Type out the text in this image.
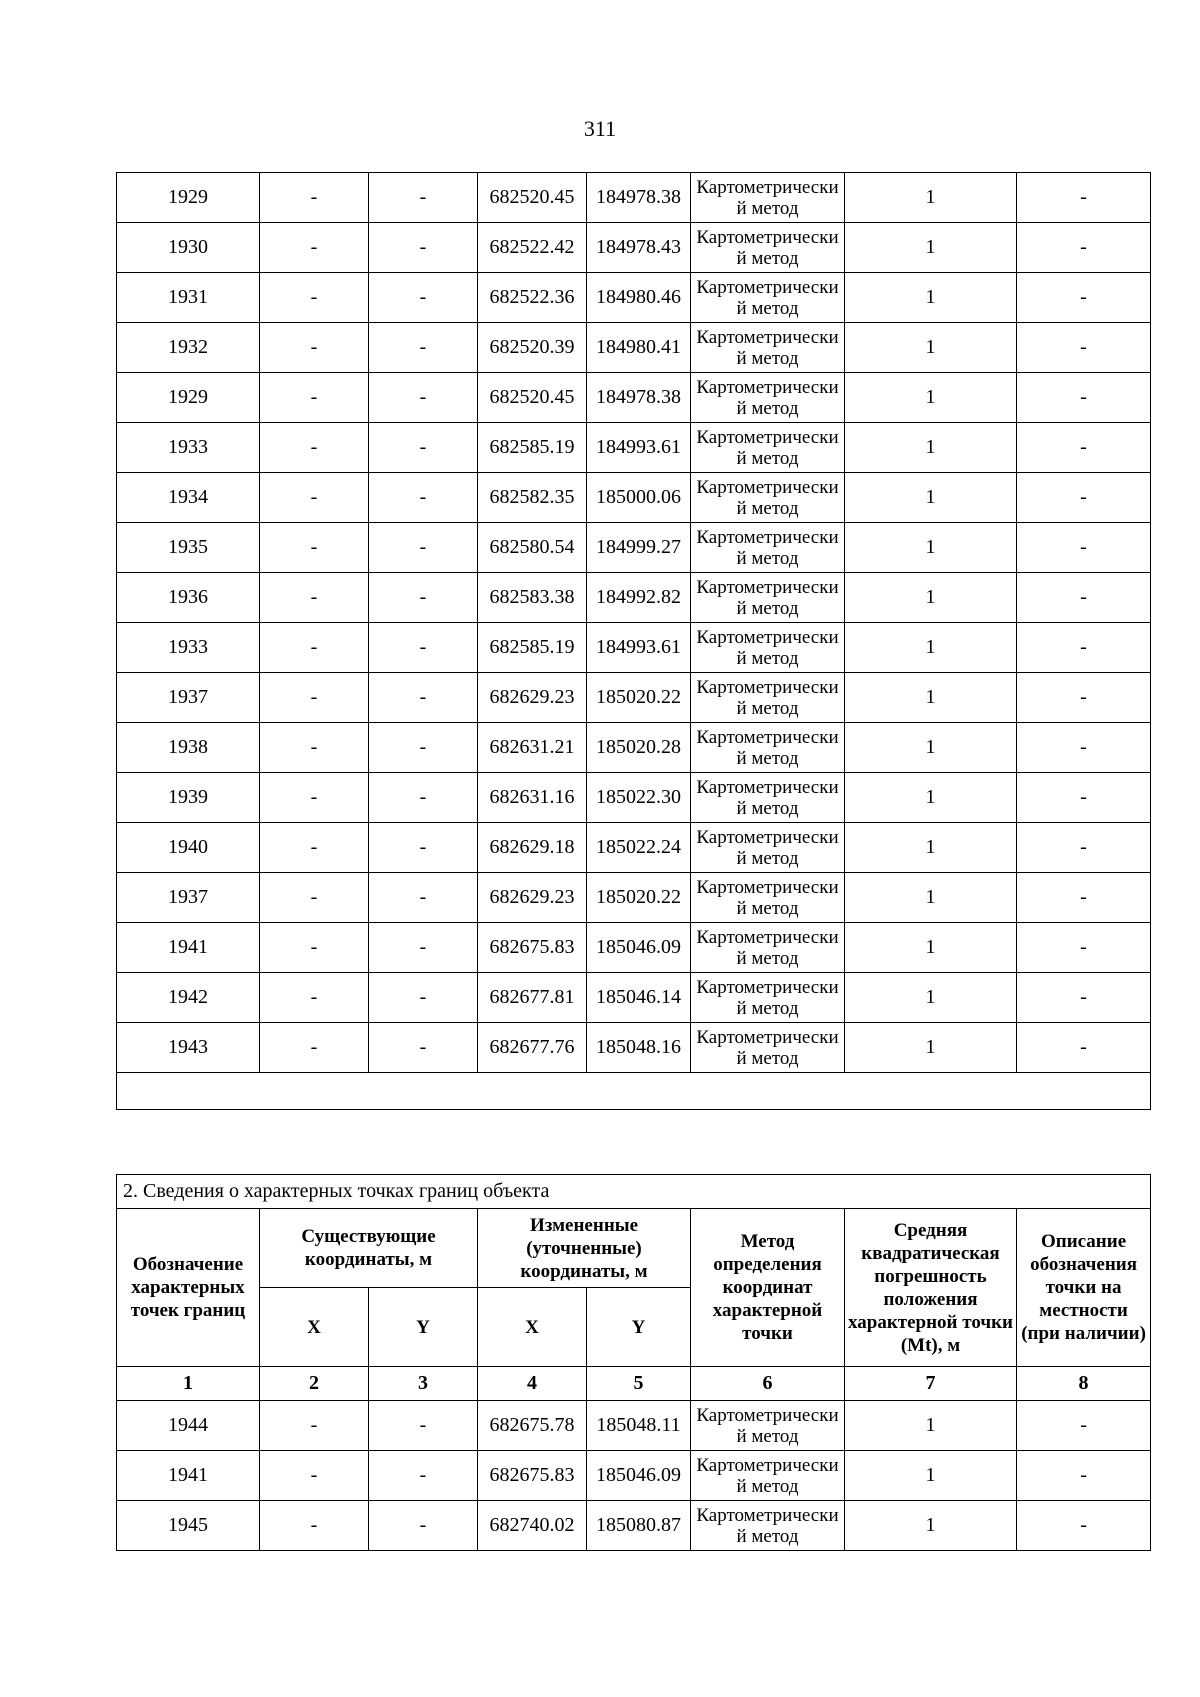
311
1929	-	-	682520.45	184978.38	Картометрический метод	1	-
1930	-	-	682522.42	184978.43	Картометрический метод	1	-
1931	-	-	682522.36	184980.46	Картометрический метод	1	-
1932	-	-	682520.39	184980.41	Картометрический метод	1	-
1929	-	-	682520.45	184978.38	Картометрический метод	1	-
1933	-	-	682585.19	184993.61	Картометрический метод	1	-
1934	-	-	682582.35	185000.06	Картометрический метод	1	-
1935	-	-	682580.54	184999.27	Картометрический метод	1	-
1936	-	-	682583.38	184992.82	Картометрический метод	1	-
1933	-	-	682585.19	184993.61	Картометрический метод	1	-
1937	-	-	682629.23	185020.22	Картометрический метод	1	-
1938	-	-	682631.21	185020.28	Картометрический метод	1	-
1939	-	-	682631.16	185022.30	Картометрический метод	1	-
1940	-	-	682629.18	185022.24	Картометрический метод	1	-
1937	-	-	682629.23	185020.22	Картометрический метод	1	-
1941	-	-	682675.83	185046.09	Картометрический метод	1	-
1942	-	-	682677.81	185046.14	Картометрический метод	1	-
1943	-	-	682677.76	185048.16	Картометрический метод	1	-

2. Сведения о характерных точках границ объекта							
Обозначение характерных точек границ	Существующие координаты, м		Измененные (уточненные) координаты, м		Метод определения координат характерной точки	Средняя квадратическая погрешность положения характерной точки (Mt), м	Описание обозначения точки на местности (при наличии)
	X	Y	X	Y			
1	2	3	4	5	6	7	8
1944	-	-	682675.78	185048.11	Картометрический метод	1	-
1941	-	-	682675.83	185046.09	Картометрический метод	1	-
1945	-	-	682740.02	185080.87	Картометрический метод	1	-
